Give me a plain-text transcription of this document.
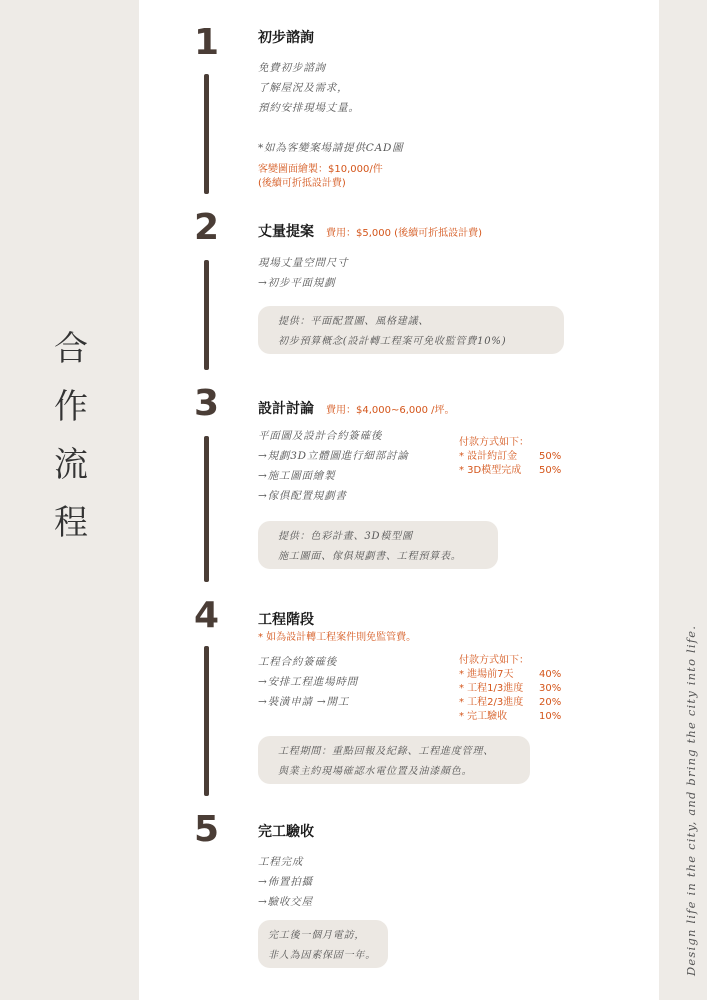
合
作
流
程
Design life in the city, and bring the city into life.
1	初步諮詢
免費初步諮詢
了解屋況及需求，
預約安排現場丈量。
*如為客變案場請提供CAD圖
客變圖面繪製：$10,000/件
(後續可折抵設計費)
2	丈量提案 費用：$5,000 (後續可折抵設計費)
現場丈量空間尺寸
→初步平面規劃
提供：平面配置圖、風格建議、
初步預算概念(設計轉工程案可免收監管費10%)
3	設計討論 費用：$4,000~6,000 /坪。
平面圖及設計合約簽確後
→規劃3D立體圖進行細部討論
→施工圖面繪製
→傢俱配置規劃書
付款方式如下：
* 設計約訂金	50%
* 3D模型完成	50%
提供：色彩計畫、3D模型圖
施工圖面、傢俱規劃書、工程預算表。
4	工程階段
* 如為設計轉工程案件則免監管費。
工程合約簽確後
→安排工程進場時間
→裝潢申請 →開工
付款方式如下：
* 進場前7天	40%
* 工程1/3進度	30%
* 工程2/3進度	20%
* 完工驗收	10%
工程期間：重點回報及紀錄、工程進度管理、
與業主約現場確認水電位置及油漆顏色。
5	完工驗收
工程完成
→佈置拍攝
→驗收交屋
完工後一個月電訪，
非人為因素保固一年。
